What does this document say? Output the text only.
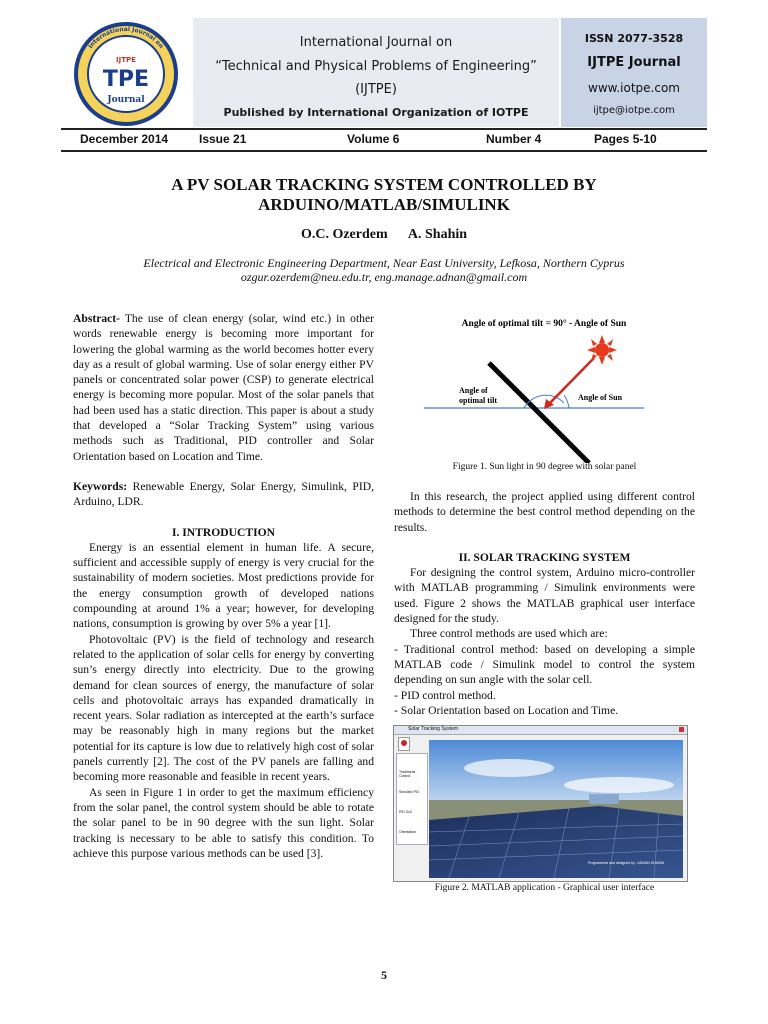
International Journal on
IJTPE
TPE
Journal
International Journal on
“Technical and Physical Problems of Engineering”
(IJTPE)
Published by International Organization of IOTPE
ISSN 2077-3528
IJTPE Journal
www.iotpe.com
ijtpe@iotpe.com
December 2014	Issue 21	Volume 6	Number 4	Pages 5-10
A PV SOLAR TRACKING SYSTEM CONTROLLED BY
ARDUINO/MATLAB/SIMULINK
O.C. Ozerdem A. Shahin
Electrical and Electronic Engineering Department, Near East University, Lefkosa, Northern Cyprus
ozgur.ozerdem@neu.edu.tr, eng.manage.adnan@gmail.com

Abstract- The use of clean energy (solar, wind etc.) in other words renewable energy is becoming more important for lowering the global warming as the world becomes hotter every day as a result of global warming. Use of solar energy either PV panels or concentrated solar power (CSP) to generate electrical energy is becoming more popular. Most of the solar panels that had been used has a static direction. This paper is about a study that developed a “Solar Tracking System” using various methods such as Traditional, PID controller and Solar Orientation based on Location and Time.

Keywords: Renewable Energy, Solar Energy, Simulink, PID, Arduino, LDR.

I. INTRODUCTION

Energy is an essential element in human life. A secure, sufficient and accessible supply of energy is very crucial for the sustainability of modern societies. Most predictions provide for the energy consumption growth of developed nations compounding at around 1% a year; however, for developing nations, consumption is growing by over 5% a year [1].

Photovoltaic (PV) is the field of technology and research related to the application of solar cells for energy by converting sun’s energy directly into electricity. Due to the growing demand for clean sources of energy, the manufacture of solar cells and photovoltaic arrays has expanded dramatically in recent years. Solar radiation as intercepted at the earth’s surface may be reasonably high in many regions but the market potential for its capture is low due to relatively high cost of solar panels currently [2]. The cost of the PV panels are falling and becoming more reasonable and feasible in recent years.

As seen in Figure 1 in order to get the maximum efficiency from the solar panel, the control system should be able to rotate the solar panel to be in 90 degree with the sun light. Solar tracking is necessary to be able to satisfy this condition. To achieve this purpose various methods can be used [3].

Angle of optimal tilt = 90° - Angle of Sun
Angle of
optimal tilt	Angle of Sun
Figure 1. Sun light in 90 degree with solar panel

In this research, the project applied using different control methods to determine the best control method depending on the results.

II. SOLAR TRACKING SYSTEM

For designing the control system, Arduino micro-controller with MATLAB programming / Simulink environments were used. Figure 2 shows the MATLAB graphical user interface designed for the study.

Three control methods are used which are:

- Traditional control method: based on developing a simple MATLAB code / Simulink model to control the system depending on sun angle with the solar cell.

- PID control method.

- Solar Orientation based on Location and Time.

Solar Tracking System
Traditional Control
Simulink PID
PID GUI
Orientation
Programmed and designed by : ADNAN SHAHIN
Figure 2. MATLAB application - Graphical user interface
5
